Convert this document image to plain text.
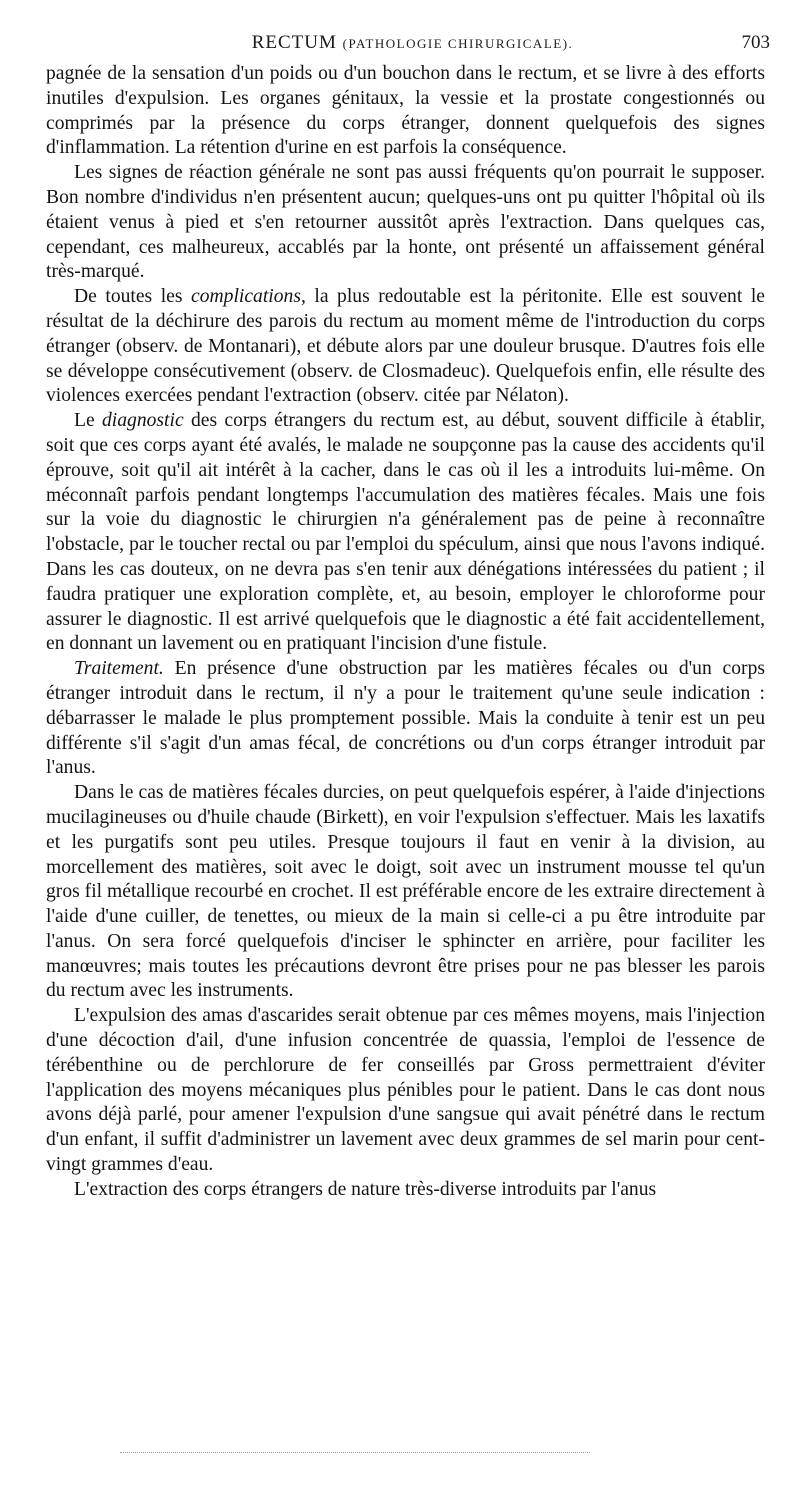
RECTUM (PATHOLOGIE CHIRURGICALE).	703

pagnée de la sensation d'un poids ou d'un bouchon dans le rectum, et se livre à des efforts inutiles d'expulsion. Les organes génitaux, la vessie et la prostate congestionnés ou comprimés par la présence du corps étranger, donnent quelquefois des signes d'inflammation. La rétention d'urine en est parfois la conséquence.

Les signes de réaction générale ne sont pas aussi fréquents qu'on pourrait le supposer. Bon nombre d'individus n'en présentent aucun; quelques-uns ont pu quitter l'hôpital où ils étaient venus à pied et s'en retourner aussitôt après l'extraction. Dans quelques cas, cependant, ces malheureux, accablés par la honte, ont présenté un affaissement général très-marqué.

De toutes les complications, la plus redoutable est la péritonite. Elle est souvent le résultat de la déchirure des parois du rectum au moment même de l'introduction du corps étranger (observ. de Montanari), et débute alors par une douleur brusque. D'autres fois elle se développe consécutivement (observ. de Closmadeuc). Quelquefois enfin, elle résulte des violences exercées pendant l'extraction (observ. citée par Nélaton).

Le diagnostic des corps étrangers du rectum est, au début, souvent difficile à établir, soit que ces corps ayant été avalés, le malade ne soupçonne pas la cause des accidents qu'il éprouve, soit qu'il ait intérêt à la cacher, dans le cas où il les a introduits lui-même. On méconnaît parfois pendant longtemps l'accumulation des matières fécales. Mais une fois sur la voie du diagnostic le chirurgien n'a généralement pas de peine à reconnaître l'obstacle, par le toucher rectal ou par l'emploi du spéculum, ainsi que nous l'avons indiqué. Dans les cas douteux, on ne devra pas s'en tenir aux dénégations intéressées du patient ; il faudra pratiquer une exploration complète, et, au besoin, employer le chloroforme pour assurer le diagnostic. Il est arrivé quelquefois que le diagnostic a été fait accidentellement, en donnant un lavement ou en pratiquant l'incision d'une fistule.

Traitement. En présence d'une obstruction par les matières fécales ou d'un corps étranger introduit dans le rectum, il n'y a pour le traitement qu'une seule indication : débarrasser le malade le plus promptement possible. Mais la conduite à tenir est un peu différente s'il s'agit d'un amas fécal, de concrétions ou d'un corps étranger introduit par l'anus.

Dans le cas de matières fécales durcies, on peut quelquefois espérer, à l'aide d'injections mucilagineuses ou d'huile chaude (Birkett), en voir l'expulsion s'effectuer. Mais les laxatifs et les purgatifs sont peu utiles. Presque toujours il faut en venir à la division, au morcellement des matières, soit avec le doigt, soit avec un instrument mousse tel qu'un gros fil métallique recourbé en crochet. Il est préférable encore de les extraire directement à l'aide d'une cuiller, de tenettes, ou mieux de la main si celle-ci a pu être introduite par l'anus. On sera forcé quelquefois d'inciser le sphincter en arrière, pour faciliter les manœuvres; mais toutes les précautions devront être prises pour ne pas blesser les parois du rectum avec les instruments.

L'expulsion des amas d'ascarides serait obtenue par ces mêmes moyens, mais l'injection d'une décoction d'ail, d'une infusion concentrée de quassia, l'emploi de l'essence de térébenthine ou de perchlorure de fer conseillés par Gross permettraient d'éviter l'application des moyens mécaniques plus pénibles pour le patient. Dans le cas dont nous avons déjà parlé, pour amener l'expulsion d'une sangsue qui avait pénétré dans le rectum d'un enfant, il suffit d'administrer un lavement avec deux grammes de sel marin pour cent-vingt grammes d'eau.

L'extraction des corps étrangers de nature très-diverse introduits par l'anus
